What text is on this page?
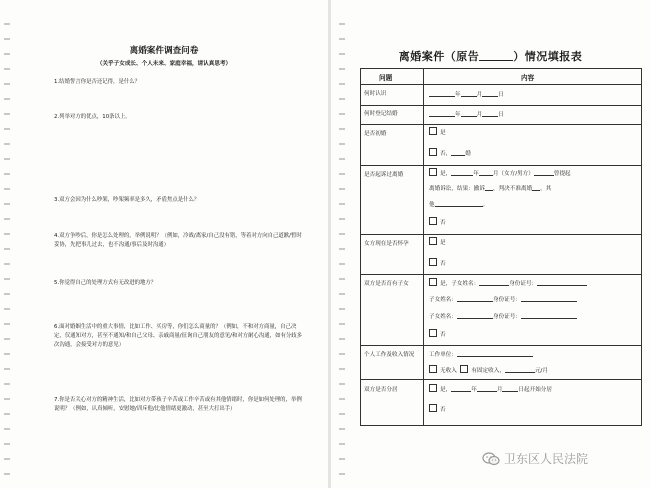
离婚案件调查问卷
（关乎子女成长、个人未来、家庭幸福，请认真思考）
1.结婚誓言你是否还记得，是什么？
2.列举对方的优点，10条以上。
3.双方会因为什么吵架，吵架频率是多久，矛盾焦点是什么？
4.双方争吵后，你是怎么处理的，举例说明？（例如，冷战/离家/自己没有错，等着对方向自己道歉/暂时妥协，先把事儿过去，也不沟通/事后及时沟通）
5.你觉得自己的处理方式有无改进的地方？
6.面对婚姻生活中的重大事情，比如工作、买房等，你们怎么商量的？（例如，不和对方商量，自己决定，仅通知对方，甚至不通知/和自己父母、亲戚商量/征询自己朋友的意见/和对方耐心沟通，如有分歧多次沟通，会接受对方的意见）
7.你是否关心对方的精神生活，比如对方带孩子辛苦或工作辛苦或有其他情绪时，你是如何处理的，举例说明？（例如，认真倾听，安慰她/训斥他/比他情绪更激动，甚至大打出手）
离婚案件（原告	）情况填报表
问题	内容
何时认识	年	月	日
何时登记结婚	年	月	日
是否初婚	是
否，	婚
是否起诉过离婚	是，	年	月（女方/男方）	曾提起
离婚诉讼，结果：撤诉 ，判决不准离婚 ，其
他	。
否
女方现在是否怀孕	是
否
双方是否育有子女	是，子女姓名：	身份证号：
子女姓名：	身份证号：
子女姓名：	身份证号：
否
个人工作及收入情况	工作单位：
无收入	有固定收入，	元/月
双方是否分居	是，	年	月	日起开始分居
否
卫东区人民法院
